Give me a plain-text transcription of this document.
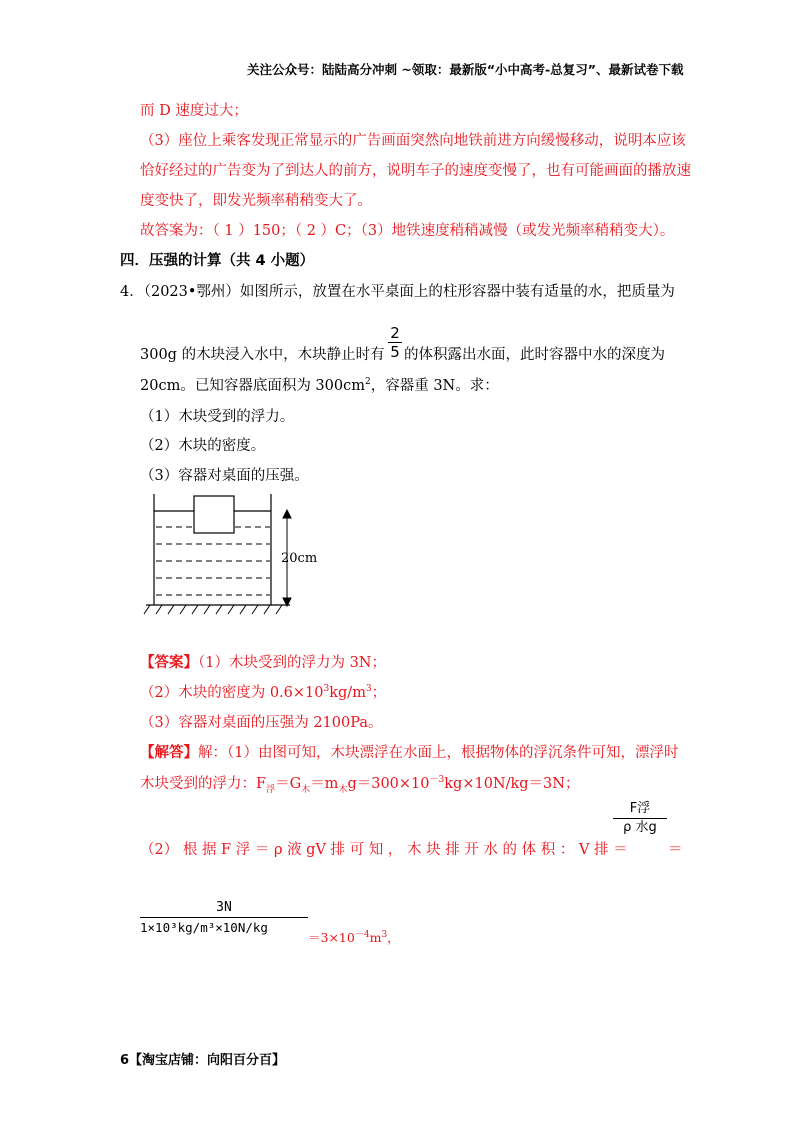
关注公众号：陆陆高分冲刺 ~领取：最新版“小中高考-总复习”、最新试卷下载
而 D 速度过大；
（3）座位上乘客发现正常显示的广告画面突然向地铁前进方向缓慢移动，说明本应该
恰好经过的广告变为了到达人的前方，说明车子的速度变慢了，也有可能画面的播放速
度变快了，即发光频率稍稍变大了。
故答案为：（ 1 ）150；（ 2 ）C；（3）地铁速度稍稍减慢（或发光频率稍稍变大）。
四．压强的计算（共 4 小题）
4．（2023•鄂州）如图所示，放置在水平桌面上的柱形容器中装有适量的水，把质量为
300g 的木块浸入水中，木块静止时有
2
5 的体积露出水面，此时容器中水的深度为
20cm。已知容器底面积为 $300cm^2$，容器重 3N。求：
（1）木块受到的浮力。
（2）木块的密度。
（3）容器对桌面的压强。
20cm
【答案】（1）木块受到的浮力为 3N；
（2）木块的密度为 $0.6\times 10^3kg/m^3$；
（3）容器对桌面的压强为 2100Pa。
【解答】解：（1）由图可知，木块漂浮在水面上，根据物体的浮沉条件可知，漂浮时
木块受到的浮力：$F_浮=G_木=m_木g=300\times 10^{-3}kg\times 10N/kg=3N$；
（2） 根 据 F 浮 ＝ ρ 液 gV 排 可 知 ， 木 块 排 开 水 的 体 积 ： V 排 ＝
F浮
ρ 水g
＝
3N
1×10³kg/m³×10N/kg
$=3\times 10^{-4}m^3$，
6【淘宝店铺：向阳百分百】
